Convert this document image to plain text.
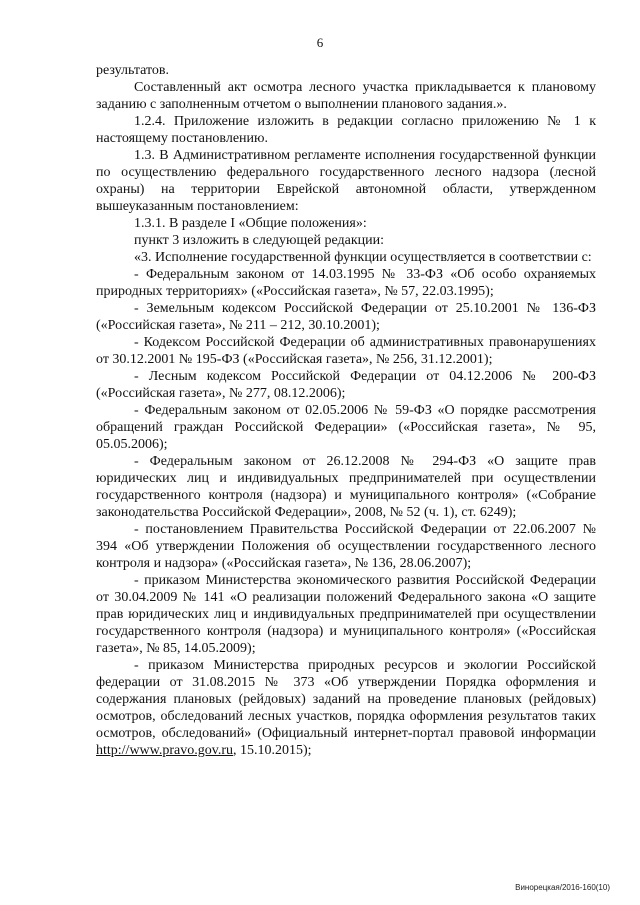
6

результатов.

Составленный акт осмотра лесного участка прикладывается к плановому заданию с заполненным отчетом о выполнении планового задания.».

1.2.4. Приложение изложить в редакции согласно приложению № 1 к настоящему постановлению.

1.3. В Административном регламенте исполнения государственной функции по осуществлению федерального государственного лесного надзора (лесной охраны) на территории Еврейской автономной области, утвержденном вышеуказанным постановлением:

1.3.1. В разделе I «Общие положения»:

пункт 3 изложить в следующей редакции:

«3. Исполнение государственной функции осуществляется в соответствии с:

- Федеральным законом от 14.03.1995 № 33-ФЗ «Об особо охраняемых природных территориях» («Российская газета», № 57, 22.03.1995);

- Земельным кодексом Российской Федерации от 25.10.2001 № 136-ФЗ («Российская газета», № 211 – 212, 30.10.2001);

- Кодексом Российской Федерации об административных правонарушениях от 30.12.2001 № 195-ФЗ («Российская газета», № 256, 31.12.2001);

- Лесным кодексом Российской Федерации от 04.12.2006 № 200-ФЗ («Российская газета», № 277, 08.12.2006);

- Федеральным законом от 02.05.2006 № 59-ФЗ «О порядке рассмотрения обращений граждан Российской Федерации» («Российская газета», № 95, 05.05.2006);

- Федеральным законом от 26.12.2008 № 294-ФЗ «О защите прав юридических лиц и индивидуальных предпринимателей при осуществлении государственного контроля (надзора) и муниципального контроля» («Собрание законодательства Российской Федерации», 2008, № 52 (ч. 1), ст. 6249);

- постановлением Правительства Российской Федерации от 22.06.2007 № 394 «Об утверждении Положения об осуществлении государственного лесного контроля и надзора» («Российская газета», № 136, 28.06.2007);

- приказом Министерства экономического развития Российской Федерации от 30.04.2009 № 141 «О реализации положений Федерального закона «О защите прав юридических лиц и индивидуальных предпринимателей при осуществлении государственного контроля (надзора) и муниципального контроля» («Российская газета», № 85, 14.05.2009);

- приказом Министерства природных ресурсов и экологии Российской федерации от 31.08.2015 № 373 «Об утверждении Порядка оформления и содержания плановых (рейдовых) заданий на проведение плановых (рейдовых) осмотров, обследований лесных участков, порядка оформления результатов таких осмотров, обследований» (Официальный интернет-портал правовой информации http://www.pravo.gov.ru, 15.10.2015);

Винорецкая/2016-160(10)
